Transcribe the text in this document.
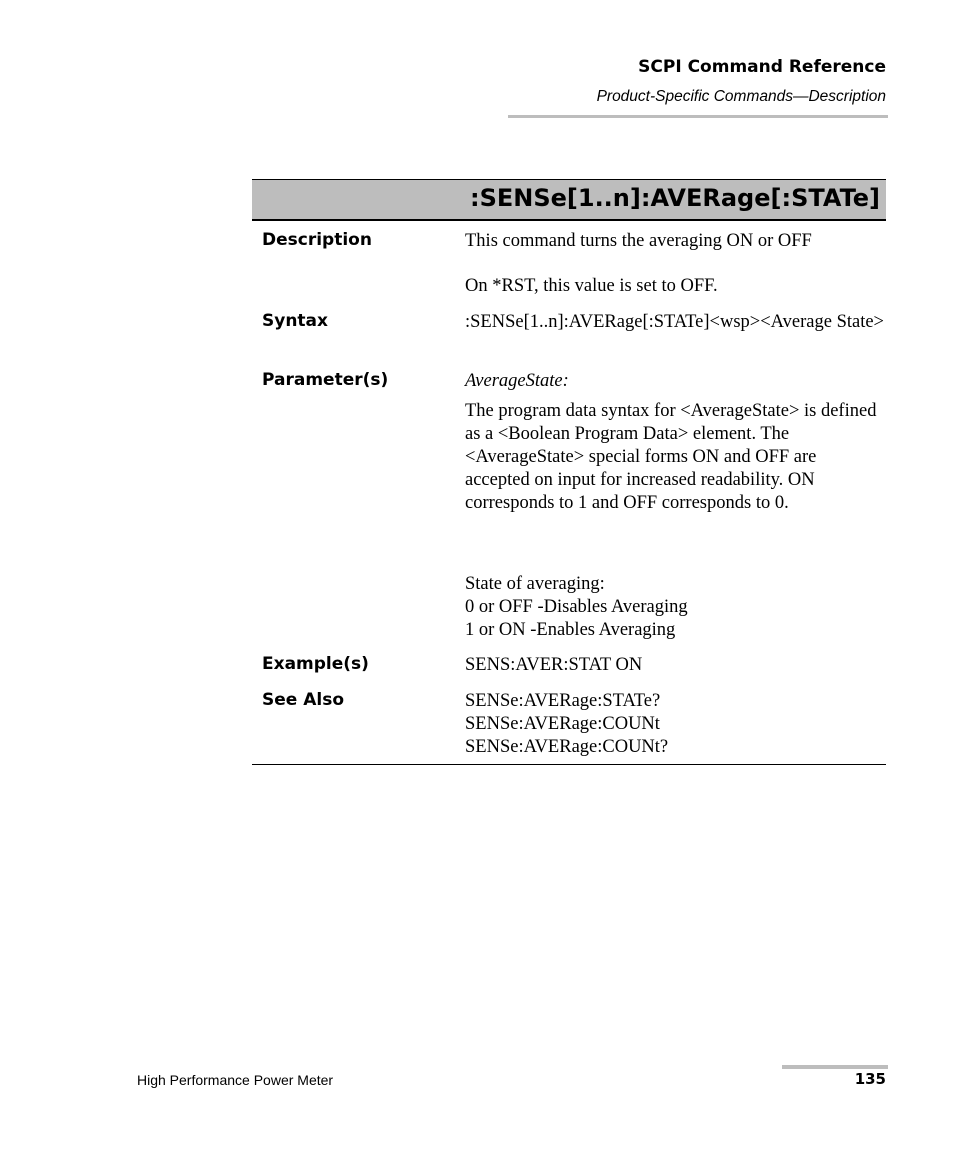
SCPI Command Reference
Product-Specific Commands—Description
:SENSe[1..n]:AVERage[:STATe]
Description	This command turns the averaging ON or OFF

On *RST, this value is set to OFF.

Syntax	:SENSe[1..n]:AVERage[:STATe]<wsp><Average State>
Parameter(s)	AverageState:

The program data syntax for <AverageState> is defined as a <Boolean Program Data> element. The <AverageState> special forms ON and OFF are accepted on input for increased readability. ON corresponds to 1 and OFF corresponds to 0.

State of averaging:

0 or OFF -Disables Averaging

1 or ON -Enables Averaging

Example(s)	SENS:AVER:STAT ON
See Also	SENSe:AVERage:STATe?

SENSe:AVERage:COUNt

SENSe:AVERage:COUNt?

High Performance Power Meter	135
